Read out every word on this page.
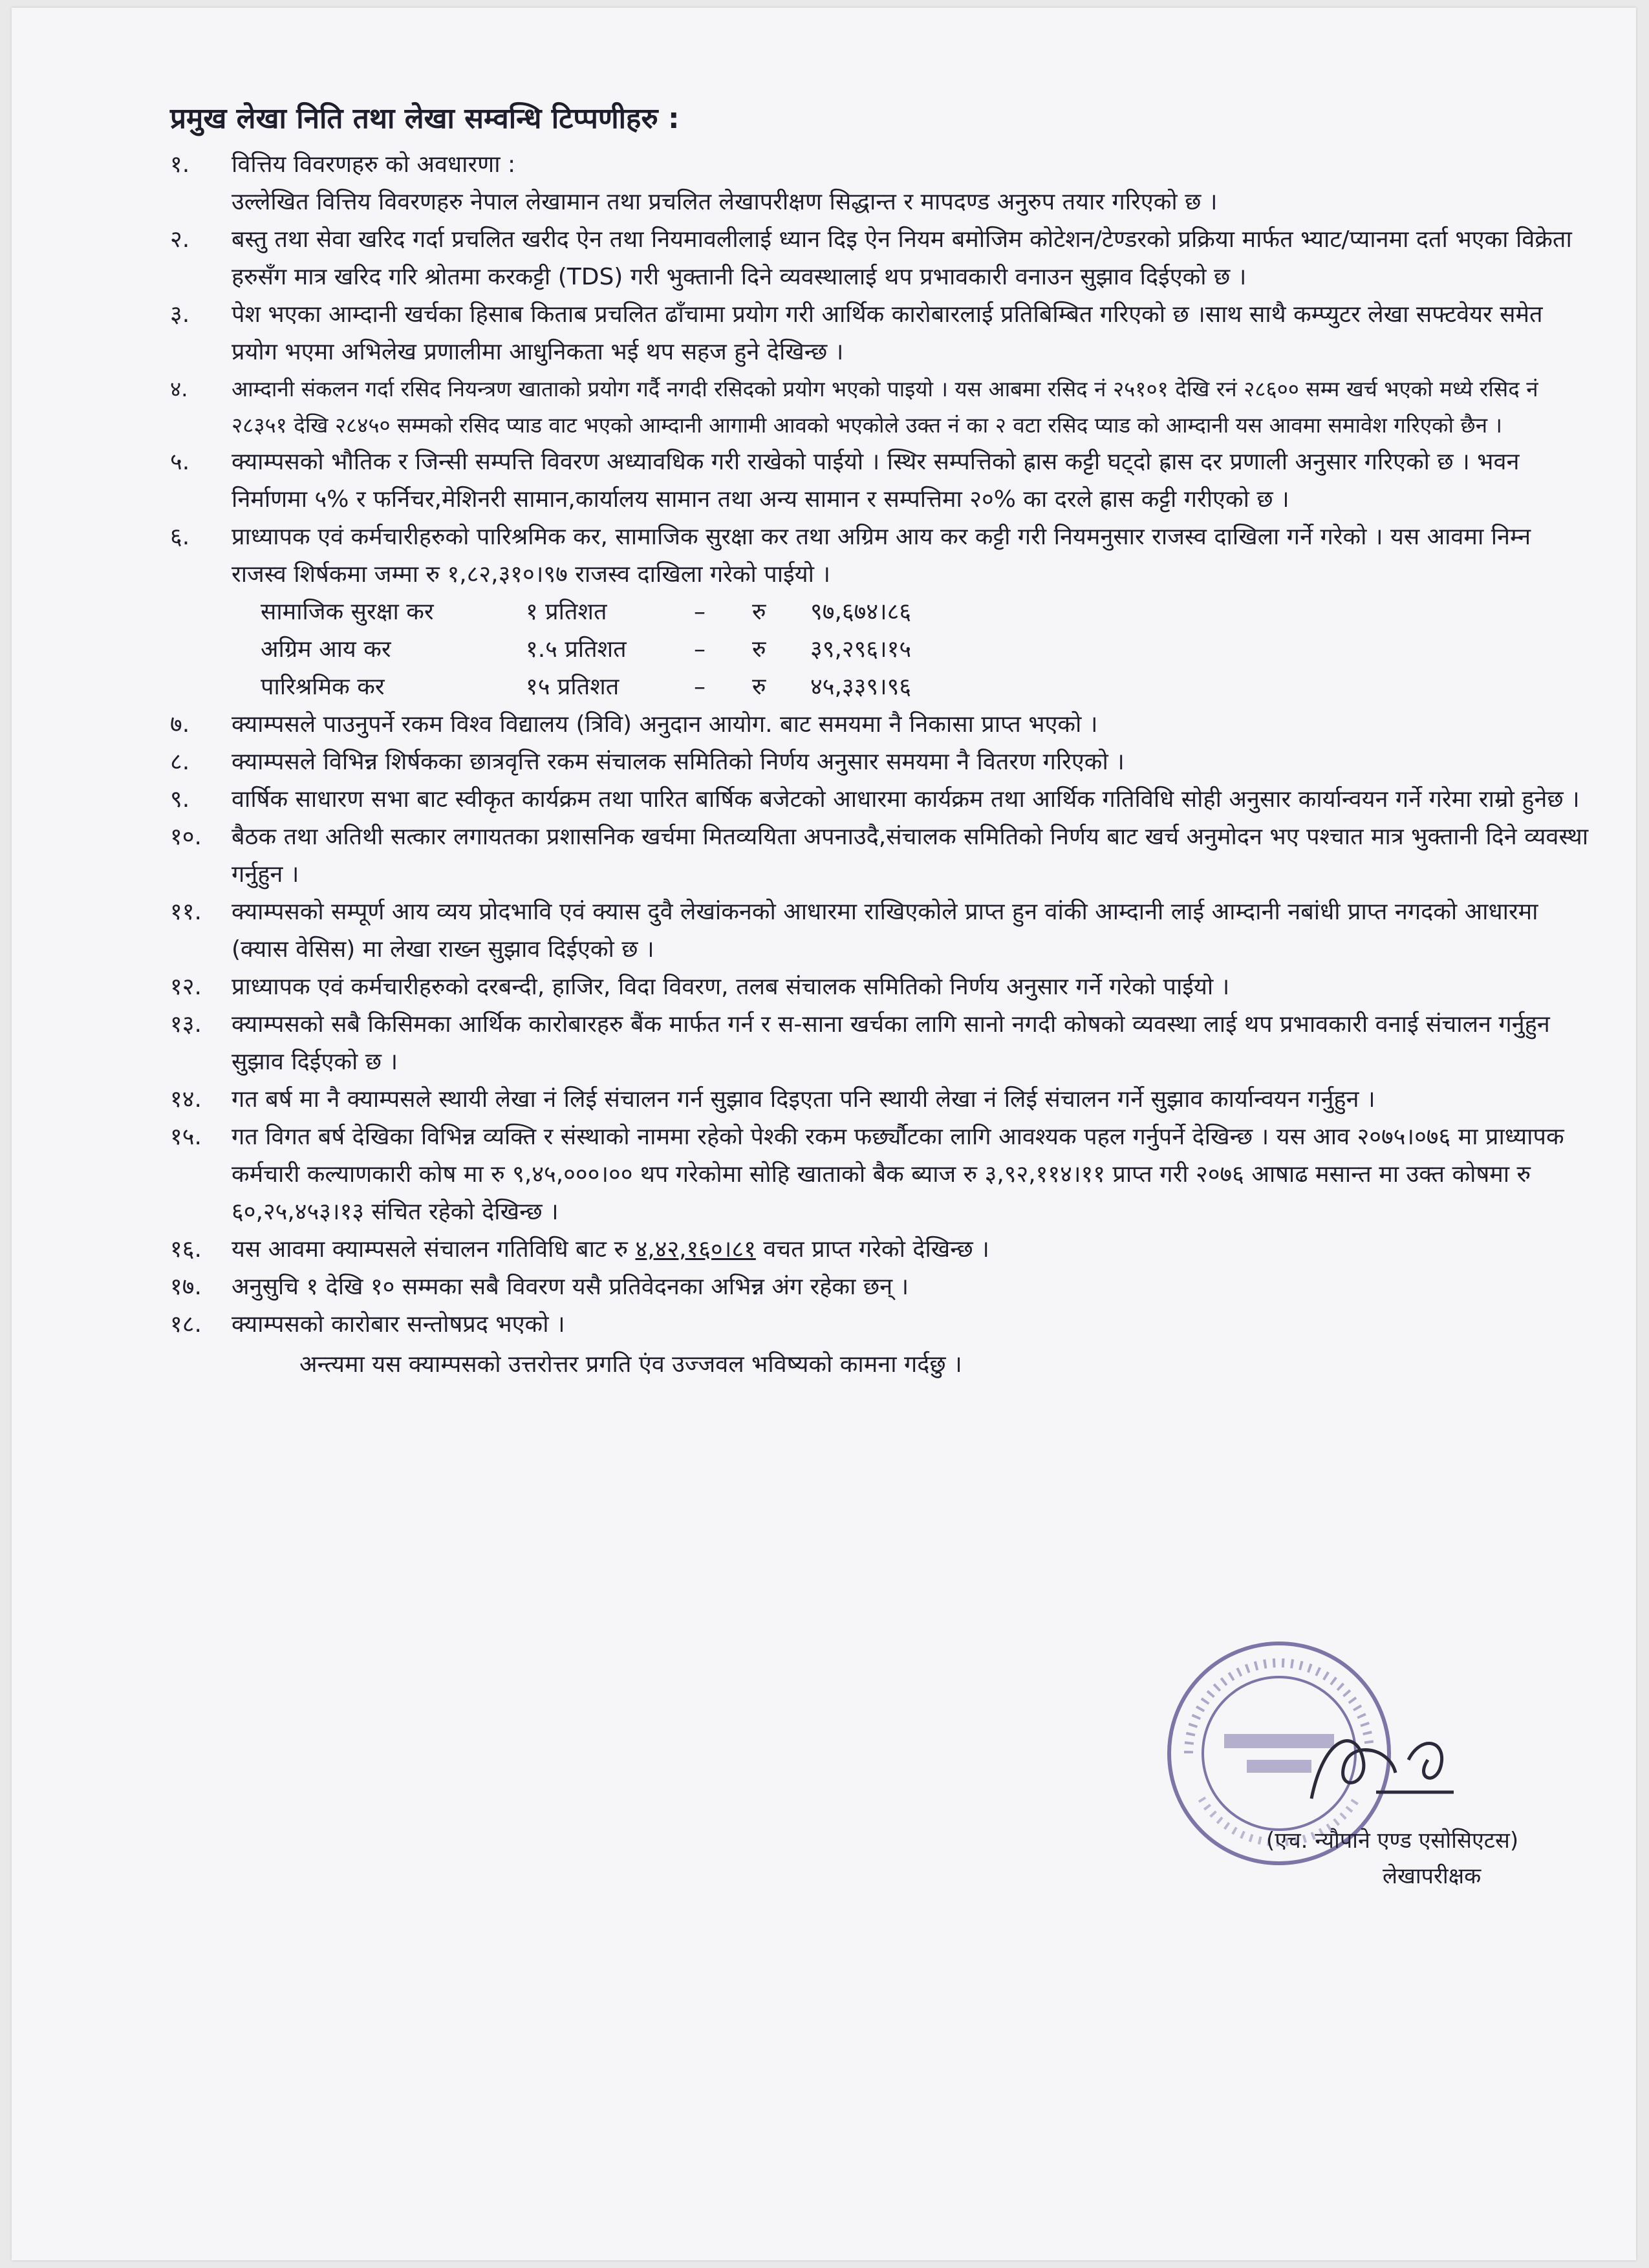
प्रमुख लेखा निति तथा लेखा सम्वन्धि टिप्पणीहरु :
१.	वित्तिय विवरणहरु को अवधारणा :
उल्लेखित वित्तिय विवरणहरु नेपाल लेखामान तथा प्रचलित लेखापरीक्षण सिद्धान्त र मापदण्ड अनुरुप तयार गरिएको छ ।
२.	बस्तु तथा सेवा खरिद गर्दा प्रचलित खरीद ऐन तथा नियमावलीलाई ध्यान दिइ ऐन नियम बमोजिम कोटेशन/टेण्डरको प्रक्रिया मार्फत भ्याट/प्यानमा दर्ता भएका विक्रेता हरुसँग मात्र खरिद गरि श्रोतमा करकट्टी (TDS) गरी भुक्तानी दिने व्यवस्थालाई थप प्रभावकारी वनाउन सुझाव दिईएको छ ।
३.	पेश भएका आम्दानी खर्चका हिसाब किताब प्रचलित ढाँचामा प्रयोग गरी आर्थिक कारोबारलाई प्रतिबिम्बित गरिएको छ ।साथ साथै कम्प्युटर लेखा सफ्टवेयर समेत प्रयोग भएमा अभिलेख प्रणालीमा आधुनिकता भई थप सहज हुने देखिन्छ ।
४.	आम्दानी संकलन गर्दा रसिद नियन्त्रण खाताको प्रयोग गर्दै नगदी रसिदको प्रयोग भएको पाइयो । यस आबमा रसिद नं २५१०१ देखि रनं २८६०० सम्म खर्च भएको मध्ये रसिद नं २८३५१ देखि २८४५० सम्मको रसिद प्याड वाट भएको आम्दानी आगामी आवको भएकोले उक्त नं का २ वटा रसिद प्याड को आम्दानी यस आवमा समावेश गरिएको छैन ।
५.	क्याम्पसको भौतिक र जिन्सी सम्पत्ति विवरण अध्यावधिक गरी राखेको पाईयो । स्थिर सम्पत्तिको ह्रास कट्टी घट्दो ह्रास दर प्रणाली अनुसार गरिएको छ । भवन निर्माणमा ५% र फर्निचर,मेशिनरी सामान,कार्यालय सामान तथा अन्य सामान र सम्पत्तिमा २०% का दरले ह्रास कट्टी गरीएको छ ।
६.	प्राध्यापक एवं कर्मचारीहरुको पारिश्रमिक कर, सामाजिक सुरक्षा कर तथा अग्रिम आय कर कट्टी गरी नियमनुसार राजस्व दाखिला गर्ने गरेको । यस आवमा निम्न राजस्व शिर्षकमा जम्मा रु १,८२,३१०।९७ राजस्व दाखिला गरेको पाईयो ।
सामाजिक सुरक्षा कर	१ प्रतिशत	–	रु	९७,६७४।८६
अग्रिम आय कर	१.५ प्रतिशत	–	रु	३९,२९६।१५
पारिश्रमिक कर	१५ प्रतिशत	–	रु	४५,३३९।९६
७.	क्याम्पसले पाउनुपर्ने रकम विश्व विद्यालय (त्रिवि) अनुदान आयोग. बाट समयमा नै निकासा प्राप्त भएको ।
८.	क्याम्पसले विभिन्न शिर्षकका छात्रवृत्ति रकम संचालक समितिको निर्णय अनुसार समयमा नै वितरण गरिएको ।
९.	वार्षिक साधारण सभा बाट स्वीकृत कार्यक्रम तथा पारित बार्षिक बजेटको आधारमा कार्यक्रम तथा आर्थिक गतिविधि सोही अनुसार कार्यान्वयन गर्ने गरेमा राम्रो हुनेछ ।
१०.	बैठक तथा अतिथी सत्कार लगायतका प्रशासनिक खर्चमा मितव्ययिता अपनाउदै,संचालक समितिको निर्णय बाट खर्च अनुमोदन भए पश्चात मात्र भुक्तानी दिने व्यवस्था गर्नुहुन ।
११.	क्याम्पसको सम्पूर्ण आय व्यय प्रोदभावि एवं क्यास दुवै लेखांकनको आधारमा राखिएकोले प्राप्त हुन वांकी आम्दानी लाई आम्दानी नबांधी प्राप्त नगदको आधारमा (क्यास वेसिस) मा लेखा राख्न सुझाव दिईएको छ ।
१२.	प्राध्यापक एवं कर्मचारीहरुको दरबन्दी, हाजिर, विदा विवरण, तलब संचालक समितिको निर्णय अनुसार गर्ने गरेको पाईयो ।
१३.	क्याम्पसको सबै किसिमका आर्थिक कारोबारहरु बैंक मार्फत गर्न र स-साना खर्चका लागि सानो नगदी कोषको व्यवस्था लाई थप प्रभावकारी वनाई संचालन गर्नुहुन सुझाव दिईएको छ ।
१४.	गत बर्ष मा नै क्याम्पसले स्थायी लेखा नं लिई संचालन गर्न सुझाव दिइएता पनि स्थायी लेखा नं लिई संचालन गर्ने सुझाव कार्यान्वयन गर्नुहुन ।
१५.	गत विगत बर्ष देखिका विभिन्न व्यक्ति र संस्थाको नाममा रहेको पेश्की रकम फर्छ्यौटका लागि आवश्यक पहल गर्नुपर्ने देखिन्छ । यस आव २०७५।०७६ मा प्राध्यापक कर्मचारी कल्याणकारी कोष मा रु ९,४५,०००।०० थप गरेकोमा सोहि खाताको बैक ब्याज रु ३,९२,११४।११ प्राप्त गरी २०७६ आषाढ मसान्त मा उक्त कोषमा रु ६०,२५,४५३।१३ संचित रहेको देखिन्छ ।
१६.	यस आवमा क्याम्पसले संचालन गतिविधि बाट रु ४,४२,१६०।८१ वचत प्राप्त गरेको देखिन्छ ।
१७.	अनुसुचि १ देखि १० सम्मका सबै विवरण यसै प्रतिवेदनका अभिन्न अंग रहेका छन् ।
१८.	क्याम्पसको कारोबार सन्तोषप्रद भएको ।
अन्त्यमा यस क्याम्पसको उत्तरोत्तर प्रगति एंव उज्जवल भविष्यको कामना गर्दछु ।
(एच. न्यौपाने एण्ड एसोसिएटस)
लेखापरीक्षक
